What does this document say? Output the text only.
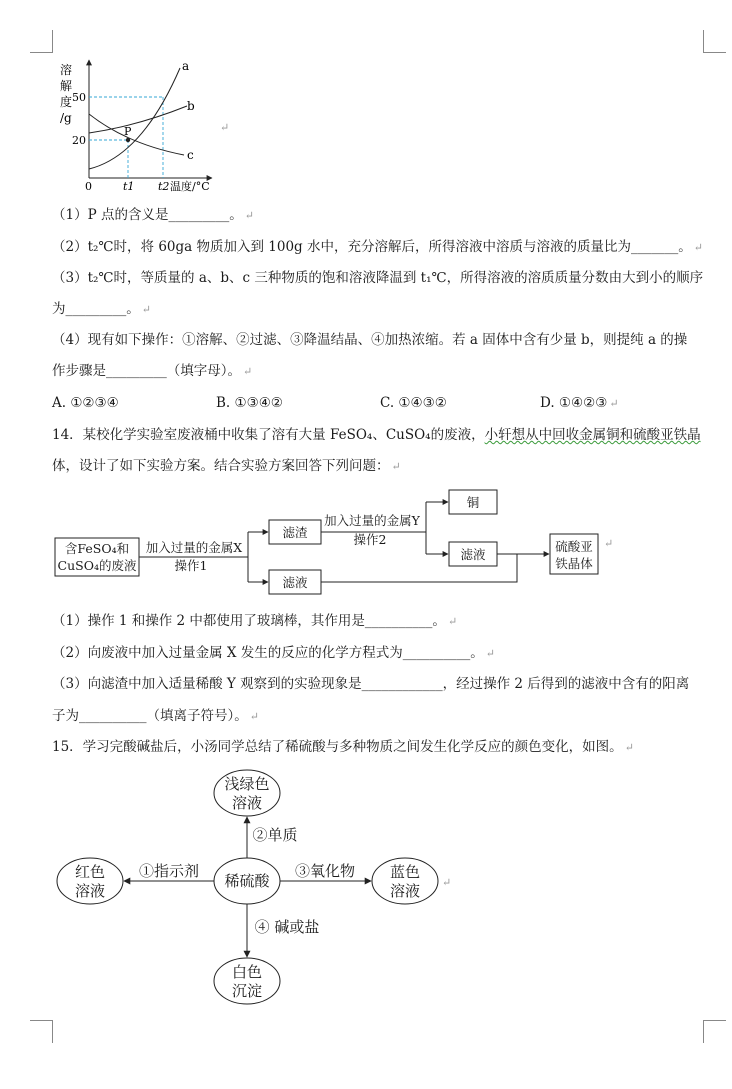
溶
解
度
/g
P
a
b
c
50
20
0	t1 t2 温度/°C
↵
（1）P 点的含义是_________。 ↵
（2）t₂℃时，将 60ga 物质加入到 100g 水中，充分溶解后，所得溶液中溶质与溶液的质量比为_______。 ↵
（3）t₂℃时，等质量的 a、b、c 三种物质的饱和溶液降温到 t₁℃，所得溶液的溶质质量分数由大到小的顺序
为_________。 ↵
（4）现有如下操作：①溶解、②过滤、③降温结晶、④加热浓缩。若 a 固体中含有少量 b，则提纯 a 的操
作步骤是_________（填字母）。 ↵
A. ①②③④	B. ①③④②	C. ①④③②	D. ①④②③ ↵
14．某校化学实验室废液桶中收集了溶有大量 FeSO₄、CuSO₄的废液，小轩想从中回收金属铜和硫酸亚铁晶
体，设计了如下实验方案。结合实验方案回答下列问题： ↵
含FeSO₄和
CuSO₄的废液
加入过量的金属X
操作1
滤渣
滤液
加入过量的金属Y
操作2
铜
滤液
硫酸亚
铁晶体
↵
（1）操作 1 和操作 2 中都使用了玻璃棒，其作用是__________。 ↵
（2）向废液中加入过量金属 X 发生的反应的化学方程式为__________。 ↵
（3）向滤渣中加入适量稀酸 Y 观察到的实验现象是____________，经过操作 2 后得到的滤液中含有的阳离
子为__________（填离子符号）。 ↵
15．学习完酸碱盐后，小汤同学总结了稀硫酸与多种物质之间发生化学反应的颜色变化，如图。 ↵
稀硫酸
浅绿色
溶液
红色
溶液
蓝色
溶液
白色
沉淀
②单质
①指示剂	③氧化物
④ 碱或盐
↵
